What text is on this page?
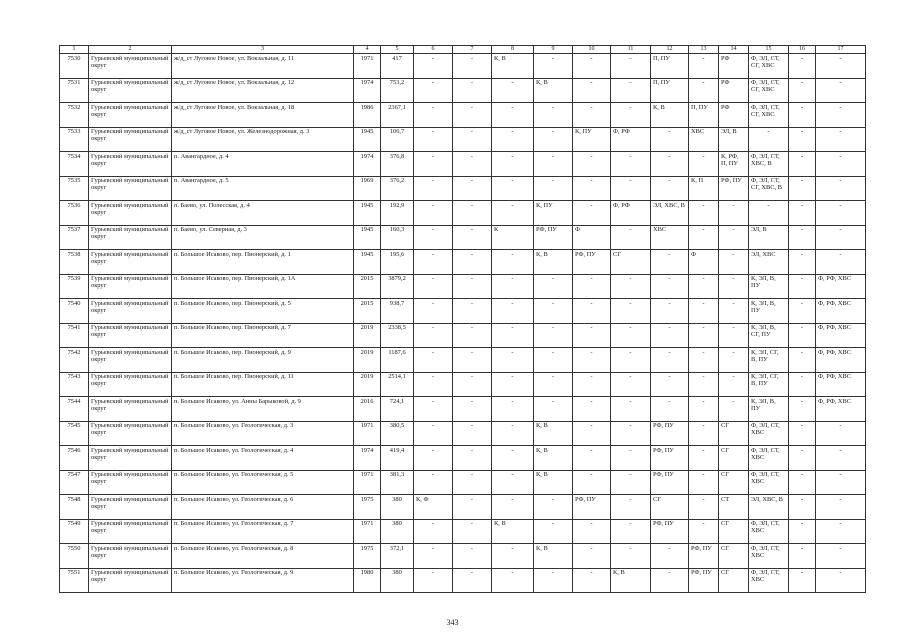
1	2	3	4	5	6	7	8	9	10	11	12	13	14	15	16	17
7530	Гурьевский муниципальный округ	ж/д_ст Луговое Новое, ул. Вокзальная, д. 11	1971	417	-	-	К, В	-	-	-	П, ПУ	-	РФ	Ф, ЭЛ, СТ, СГ, ХВС	-	-
7531	Гурьевский муниципальный округ	ж/д_ст Луговое Новое, ул. Вокзальная, д. 12	1974	753,2	-	-	-	К, В	-	-	П, ПУ	-	РФ	Ф, ЭЛ, СТ, СГ, ХВС	-	-
7532	Гурьевский муниципальный округ	ж/д_ст Луговое Новое, ул. Вокзальная, д. 18	1986	2367,1	-	-	-	-	-	-	К, В	П, ПУ	РФ	Ф, ЭЛ, СТ, СГ, ХВС	-	-
7533	Гурьевский муниципальный округ	ж/д_ст Луговое Новое, ул. Железнодорожная, д. 3	1945	106,7	-	-	-	-	К, ПУ	Ф, РФ	-	ХВС	ЭЛ, В	-	-	-
7534	Гурьевский муниципальный округ	п. Авангардное, д. 4	1974	376,8	-	-	-	-	-	-	-	-	К, РФ, П, ПУ	Ф, ЭЛ, СТ, ХВС, В	-	-
7535	Гурьевский муниципальный округ	п. Авангардное, д. 5	1969	376,2	-	-	-	-	-	-	-	К, П	РФ, ПУ	Ф, ЭЛ, СТ, СГ, ХВС, В	-	-
7536	Гурьевский муниципальный округ	п. Баево, ул. Полесская, д. 4	1945	192,9	-	-	-	К, ПУ	-	Ф, РФ	ЭЛ, ХВС, В	-	-	-	-	-
7537	Гурьевский муниципальный округ	п. Баево, ул. Северная, д. 3	1945	160,3	-	-	К	РФ, ПУ	Ф	-	ХВС	-	-	ЭЛ, В	-	-
7538	Гурьевский муниципальный округ	п. Большое Исаково, пер. Пионерский, д. 1	1945	195,6	-	-	-	К, В	РФ, ПУ	СГ	-	Ф	-	ЭЛ, ХВС	-	-
7539	Гурьевский муниципальный округ	п. Большое Исаково, пер. Пионерский, д. 1А	2015	3879,2	-	-	-	-	-	-	-	-	-	К, ЭЛ, В, ПУ	-	Ф, РФ, ХВС
7540	Гурьевский муниципальный округ	п. Большое Исаково, пер. Пионерский, д. 5	2015	938,7	-	-	-	-	-	-	-	-	-	К, ЭЛ, В, ПУ	-	Ф, РФ, ХВС
7541	Гурьевский муниципальный округ	п. Большое Исаково, пер. Пионерский, д. 7	2019	2338,5	-	-	-	-	-	-	-	-	-	К, ЭЛ, В, СГ, ПУ	-	Ф, РФ, ХВС
7542	Гурьевский муниципальный округ	п. Большое Исаково, пер. Пионерский, д. 9	2019	1187,6	-	-	-	-	-	-	-	-	-	К, ЭЛ, СГ, В, ПУ	-	Ф, РФ, ХВС
7543	Гурьевский муниципальный округ	п. Большое Исаково, пер. Пионерский, д. 11	2019	2514,1	-	-	-	-	-	-	-	-	-	К, ЭЛ, СГ, В, ПУ	-	Ф, РФ, ХВС
7544	Гурьевский муниципальный округ	п. Большое Исаково, ул. Анны Барыковой, д. 9	2016	724,1	-	-	-	-	-	-	-	-	-	К, ЭЛ, В, ПУ	-	Ф, РФ, ХВС
7545	Гурьевский муниципальный округ	п. Большое Исаково, ул. Геологическая, д. 3	1971	380,5	-	-	-	К, В	-	-	РФ, ПУ	-	СГ	Ф, ЭЛ, СТ, ХВС	-	-
7546	Гурьевский муниципальный округ	п. Большое Исаково, ул. Геологическая, д. 4	1974	419,4	-	-	-	К, В	-	-	РФ, ПУ	-	СГ	Ф, ЭЛ, СТ, ХВС	-	-
7547	Гурьевский муниципальный округ	п. Большое Исаково, ул. Геологическая, д. 5	1971	381,3	-	-	-	К, В	-	-	РФ, ПУ	-	СГ	Ф, ЭЛ, СТ, ХВС	-	-
7548	Гурьевский муниципальный округ	п. Большое Исаково, ул. Геологическая, д. 6	1975	380	К, Ф	-	-	-	РФ, ПУ	-	СГ	-	СТ	ЭЛ, ХВС, В	-	-
7549	Гурьевский муниципальный округ	п. Большое Исаково, ул. Геологическая, д. 7	1971	380	-	-	К, В	-	-	-	РФ, ПУ	-	СГ	Ф, ЭЛ, СТ, ХВС	-	-
7550	Гурьевский муниципальный округ	п. Большое Исаково, ул. Геологическая, д. 8	1975	372,1	-	-	-	К, В	-	-	-	РФ, ПУ	СГ	Ф, ЭЛ, СТ, ХВС	-	-
7551	Гурьевский муниципальный округ	п. Большое Исаково, ул. Геологическая, д. 9	1980	380	-	-	-	-	-	К, В	-	РФ, ПУ	СГ	Ф, ЭЛ, СТ, ХВС	-	-
343
